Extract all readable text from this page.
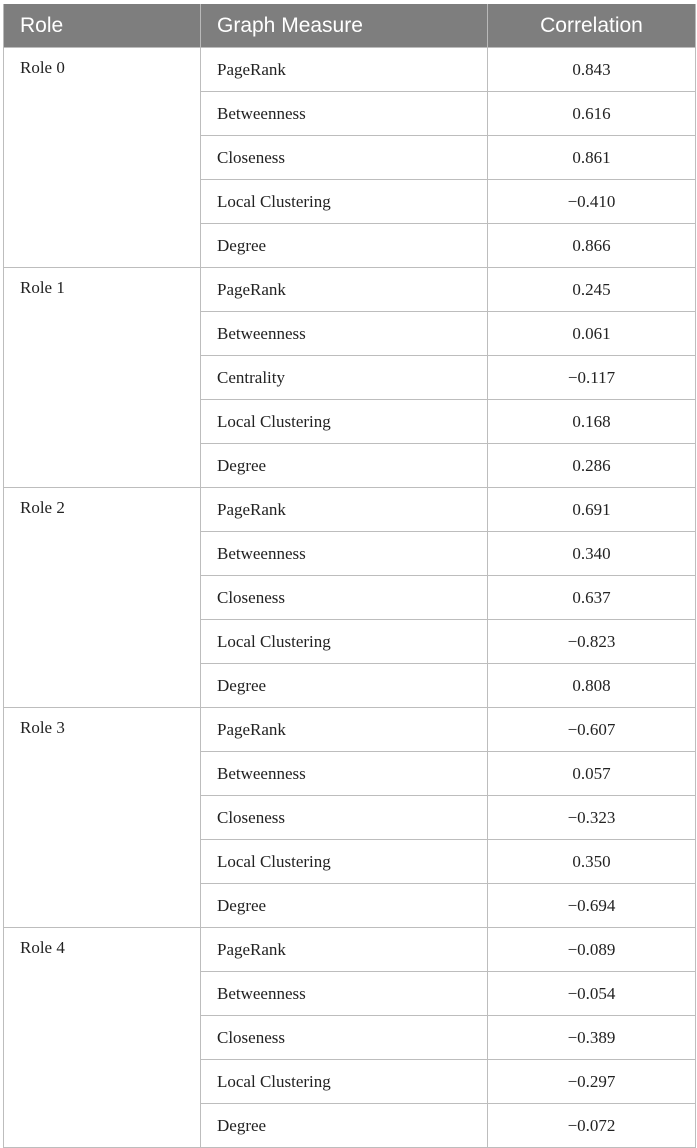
Role	Graph Measure	Correlation
Role 0	PageRank	0.843
	Betweenness	0.616
	Closeness	0.861
	Local Clustering	−0.410
	Degree	0.866
Role 1	PageRank	0.245
	Betweenness	0.061
	Centrality	−0.117
	Local Clustering	0.168
	Degree	0.286
Role 2	PageRank	0.691
	Betweenness	0.340
	Closeness	0.637
	Local Clustering	−0.823
	Degree	0.808
Role 3	PageRank	−0.607
	Betweenness	0.057
	Closeness	−0.323
	Local Clustering	0.350
	Degree	−0.694
Role 4	PageRank	−0.089
	Betweenness	−0.054
	Closeness	−0.389
	Local Clustering	−0.297
	Degree	−0.072
